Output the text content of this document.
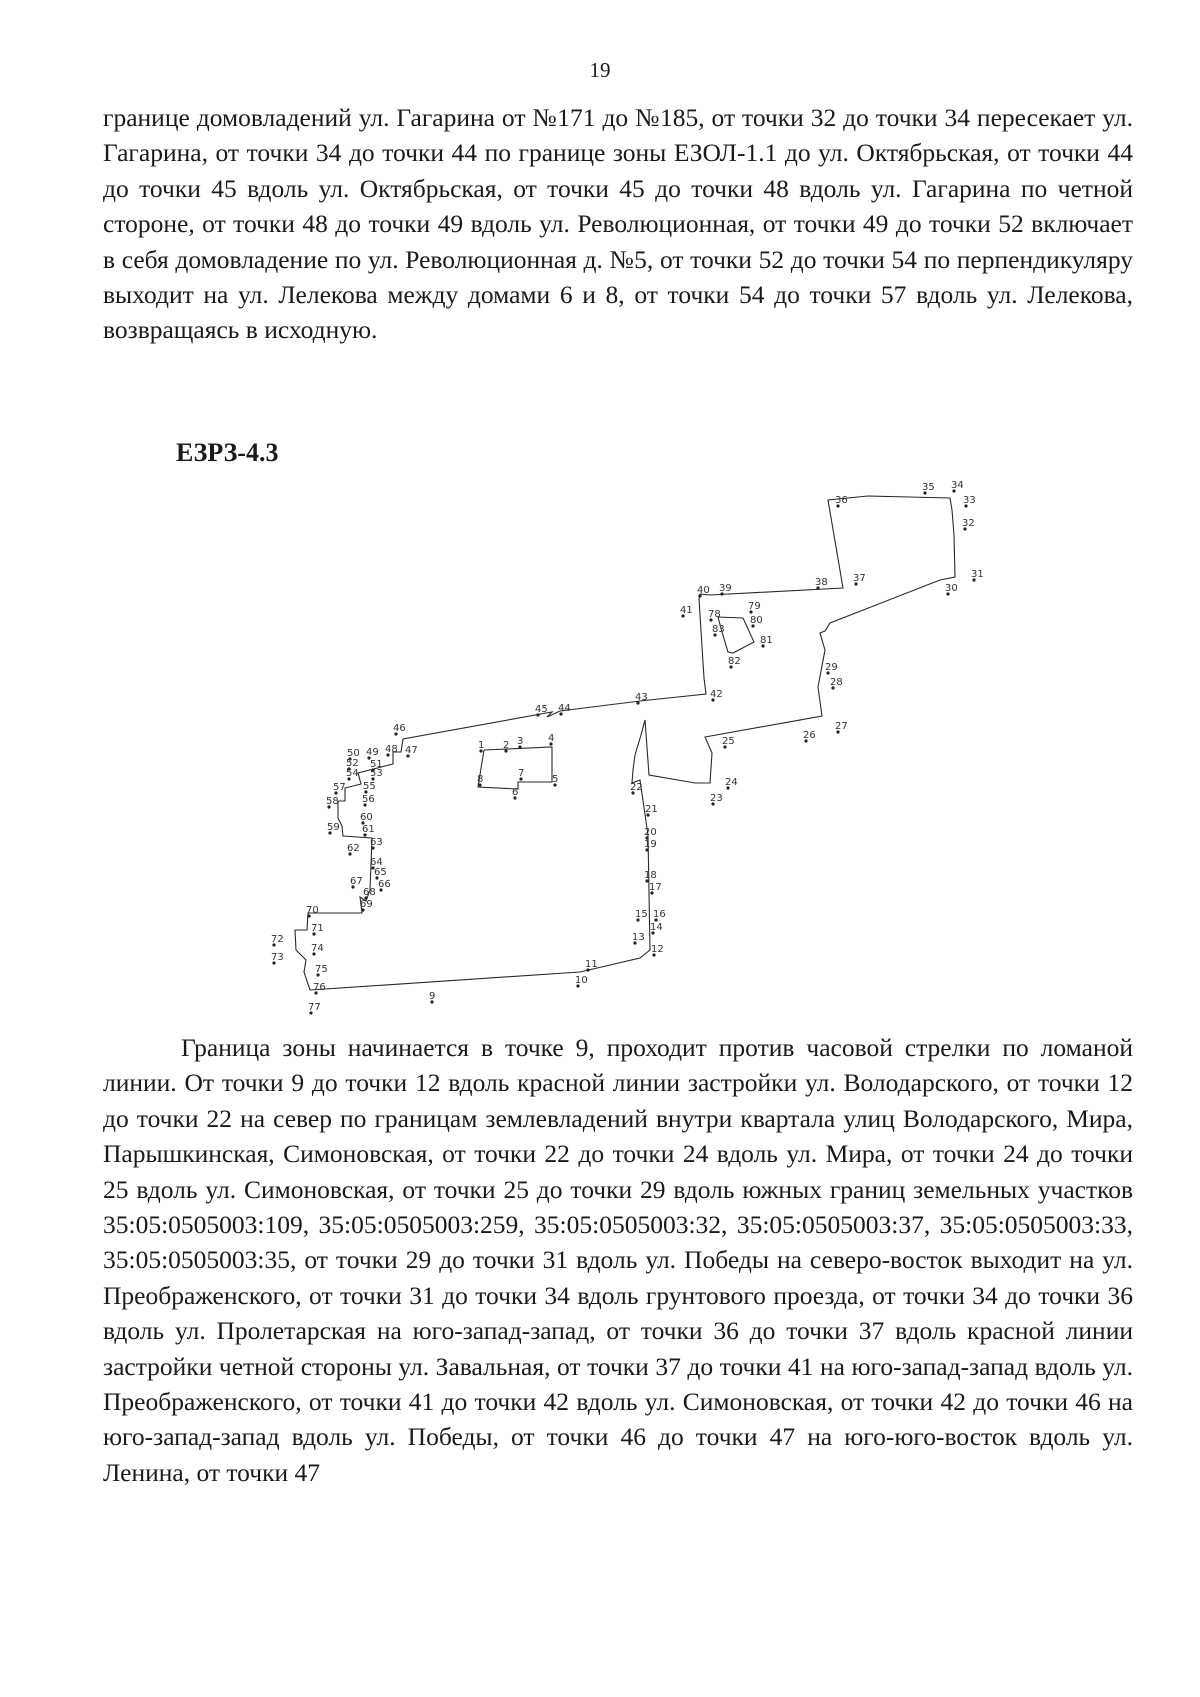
19

границе домовладений ул. Гагарина от №171 до №185, от точки 32 до точки 34 пересекает ул. Гагарина, от точки 34 до точки 44 по границе зоны ЕЗОЛ-1.1 до ул. Октябрьская, от точки 44 до точки 45 вдоль ул. Октябрьская, от точки 45 до точки 48 вдоль ул. Гагарина по четной стороне, от точки 48 до точки 49 вдоль ул. Революционная, от точки 49 до точки 52 включает в себя домовладение по ул. Революционная д. №5, от точки 52 до точки 54 по перпендикуляру выходит на ул. Лелекова между домами 6 и 8, от точки 54 до точки 57 вдоль ул. Лелекова, возвращаясь в исходную.

ЕЗРЗ-4.3
1 2 3 4
5
6
7
8
9
10
11
12
13
14
15 16
17
18
19
20
21
22
23
24
25
26
27
28
29
30
31
32
33
34
35
36
37
38
39
40
41
42
43
44
45
46
47
48
49
50
51
52
53
54
55
56
57
58
59
60
61
62
63
64
65
66
67
68
69
70
71
72
73
74
75
76
77
78
79
80
81
82
83

Граница зоны начинается в точке 9, проходит против часовой стрелки по ломаной линии. От точки 9 до точки 12 вдоль красной линии застройки ул. Володарского, от точки 12 до точки 22 на север по границам землевладений внутри квартала улиц Володарского, Мира, Парышкинская, Симоновская, от точки 22 до точки 24 вдоль ул. Мира, от точки 24 до точки 25 вдоль ул. Симоновская, от точки 25 до точки 29 вдоль южных границ земельных участков 35:05:0505003:109, 35:05:0505003:259, 35:05:0505003:32, 35:05:0505003:37, 35:05:0505003:33, 35:05:0505003:35, от точки 29 до точки 31 вдоль ул. Победы на северо-восток выходит на ул. Преображенского, от точки 31 до точки 34 вдоль грунтового проезда, от точки 34 до точки 36 вдоль ул. Пролетарская на юго-запад-запад, от точки 36 до точки 37 вдоль красной линии застройки четной стороны ул. Завальная, от точки 37 до точки 41 на юго-запад-запад вдоль ул. Преображенского, от точки 41 до точки 42 вдоль ул. Симоновская, от точки 42 до точки 46 на юго-запад-запад вдоль ул. Победы, от точки 46 до точки 47 на юго-юго-восток вдоль ул. Ленина, от точки 47
